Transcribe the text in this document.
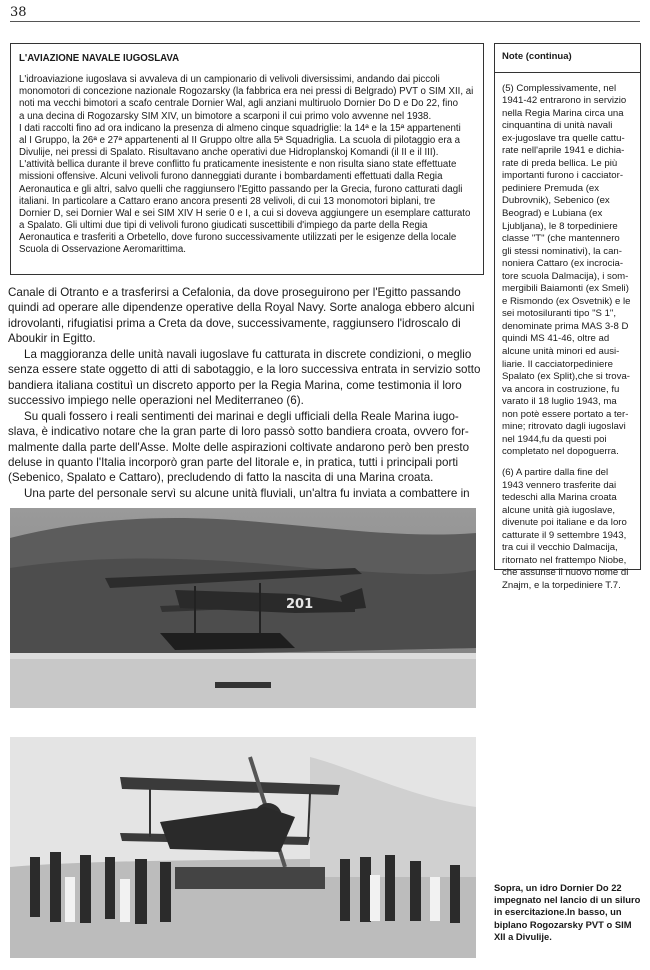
38
L'AVIAZIONE NAVALE IUGOSLAVA
L'idroaviazione iugoslava si avvaleva di un campionario di velivoli diversissimi, andando dai piccoli
monomotori di concezione nazionale Rogozarsky (la fabbrica era nei pressi di Belgrado) PVT o SIM XII, ai
noti ma vecchi bimotori a scafo centrale Dornier Wal, agli anziani multiruolo Dornier Do D e Do 22, fino
a una decina di Rogozarsky SIM XIV, un bimotore a scarponi il cui primo volo avvenne nel 1938.
I dati raccolti fino ad ora indicano la presenza di almeno cinque squadriglie: la 14ª e la 15ª appartenenti
al I Gruppo, la 26ª e 27ª appartenenti al II Gruppo oltre alla 5ª Squadriglia. La scuola di pilotaggio era a
Divulije, nei pressi di Spalato. Risultavano anche operativi due Hidroplanskoj Komandi (il II e il III).
L'attività bellica durante il breve conflitto fu praticamente inesistente e non risulta siano state effettuate
missioni offensive. Alcuni velivoli furono danneggiati durante i bombardamenti effettuati dalla Regia
Aeronautica e gli altri, salvo quelli che raggiunsero l'Egitto passando per la Grecia, furono catturati dagli
italiani. In particolare a Cattaro erano ancora presenti 28 velivoli, di cui 13 monomotori biplani, tre
Dornier D, sei Dornier Wal e sei SIM XIV H serie 0 e I, a cui si doveva aggiungere un esemplare catturato
a Spalato. Gli ultimi due tipi di velivoli furono giudicati suscettibili d'impiego da parte della Regia
Aeronautica e trasferiti a Orbetello, dove furono successivamente utilizzati per le esigenze della locale
Scuola di Osservazione Aeromarittima.
Note (continua)
(5) Complessivamente, nel
1941-42 entrarono in servizio
nella Regia Marina circa una
cinquantina di unità navali
ex-jugoslave tra quelle cattu-
rate nell'aprile 1941 e dichia-
rate di preda bellica. Le più
importanti furono i cacciator-
pediniere Premuda (ex
Dubrovnik), Sebenico (ex
Beograd) e Lubiana (ex
Ljubljana), le 8 torpediniere
classe "T" (che mantennero
gli stessi nominativi), la can-
noniera Cattaro (ex incrocia-
tore scuola Dalmacija), i som-
mergibili Baiamonti (ex Smeli)
e Rismondo (ex Osvetnik) e le
sei motosiluranti tipo "S 1",
denominate prima MAS 3-8 D
quindi MS 41-46, oltre ad
alcune unità minori ed ausi-
liarie. Il cacciatorpediniere
Spalato (ex Split),che si trova-
va ancora in costruzione, fu
varato il 18 luglio 1943, ma
non potè essere portato a ter-
mine; ritrovato dagli iugoslavi
nel 1944,fu da questi poi
completato nel dopoguerra.
(6) A partire dalla fine del
1943 vennero trasferite dai
tedeschi alla Marina croata
alcune unità già iugoslave,
divenute poi italiane e da loro
catturate il 9 settembre 1943,
tra cui il vecchio Dalmacija,
ritornato nel frattempo Niobe,
che assunse il nuovo nome di
Znajm, e la torpediniere T.7.
Canale di Otranto e a trasferirsi a Cefalonia, da dove proseguirono per l'Egitto passando
quindi ad operare alle dipendenze operative della Royal Navy. Sorte analoga ebbero alcuni
idrovolanti, rifugiatisi prima a Creta da dove, successivamente, raggiunsero l'idroscalo di
Aboukir in Egitto.
La maggioranza delle unità navali iugoslave fu catturata in discrete condizioni, o meglio
senza essere state oggetto di atti di sabotaggio, e la loro successiva entrata in servizio sotto
bandiera italiana costituì un discreto apporto per la Regia Marina, come testimonia il loro
successivo impiego nelle operazioni nel Mediterraneo (6).
Su quali fossero i reali sentimenti dei marinai e degli ufficiali della Reale Marina iugo-
slava, è indicativo notare che la gran parte di loro passò sotto bandiera croata, ovvero for-
malmente dalla parte dell'Asse. Molte delle aspirazioni coltivate andarono però ben presto
deluse in quanto l'Italia incorporò gran parte del litorale e, in pratica, tutti i principali porti
(Sebenico, Spalato e Cattaro), precludendo di fatto la nascita di una Marina croata.
Una parte del personale servì su alcune unità fluviali, un'altra fu inviata a combattere in
201
Sopra, un idro Dornier Do 22
impegnato nel lancio di un siluro
in esercitazione.In basso, un
biplano Rogozarsky PVT o SIM
XII a Divulije.
